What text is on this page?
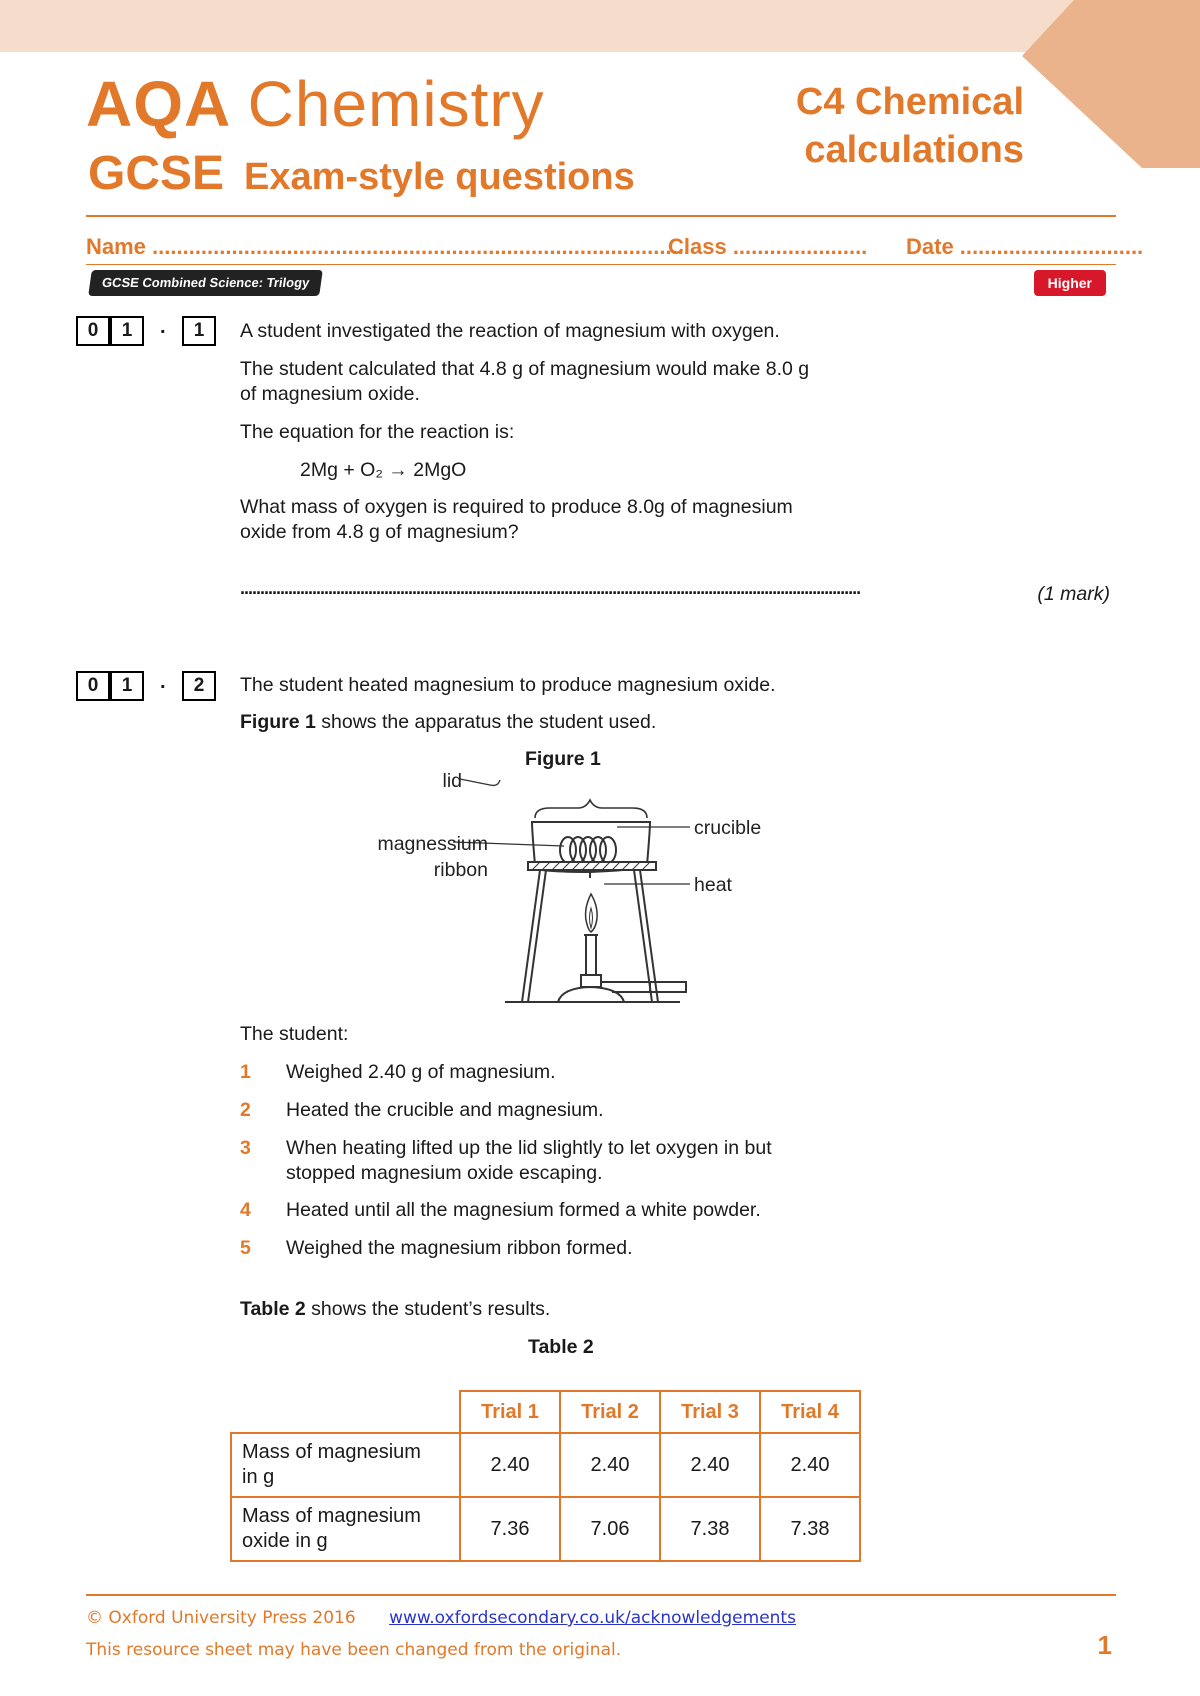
AQA Chemistry
GCSE Exam-style questions
C4 Chemical
calculations
Name ........................................................................................
Class ...................... Date ..............................
GCSE Combined Science: Trilogy	Higher
0	1	.	1	A student investigated the reaction of magnesium with oxygen.
The student calculated that 4.8 g of magnesium would make 8.0 g
of magnesium oxide.
The equation for the reaction is:
2Mg + O₂ → 2MgO
What mass of oxygen is required to produce 8.0g of magnesium
oxide from 4.8 g of magnesium?
...........................................................................................................................................................	(1 mark)
0	1	.	2	The student heated magnesium to produce magnesium oxide.
Figure 1 shows the apparatus the student used.
Figure 1
lid
magnessium
ribbon
crucible
heat
The student:
1 Weighed 2.40 g of magnesium.
2 Heated the crucible and magnesium.
3 When heating lifted up the lid slightly to let oxygen in but
stopped magnesium oxide escaping.
4 Heated until all the magnesium formed a white powder.
5 Weighed the magnesium ribbon formed.
Table 2 shows the student’s results.
Table 2
	Trial 1	Trial 2	Trial 3	Trial 4

Mass of magnesium
in g	2.40	2.40	2.40	2.40

Mass of magnesium
oxide in g	7.36	7.06	7.38	7.38
© Oxford University Press 2016 www.oxfordsecondary.co.uk/acknowledgements
This resource sheet may have been changed from the original.	1
